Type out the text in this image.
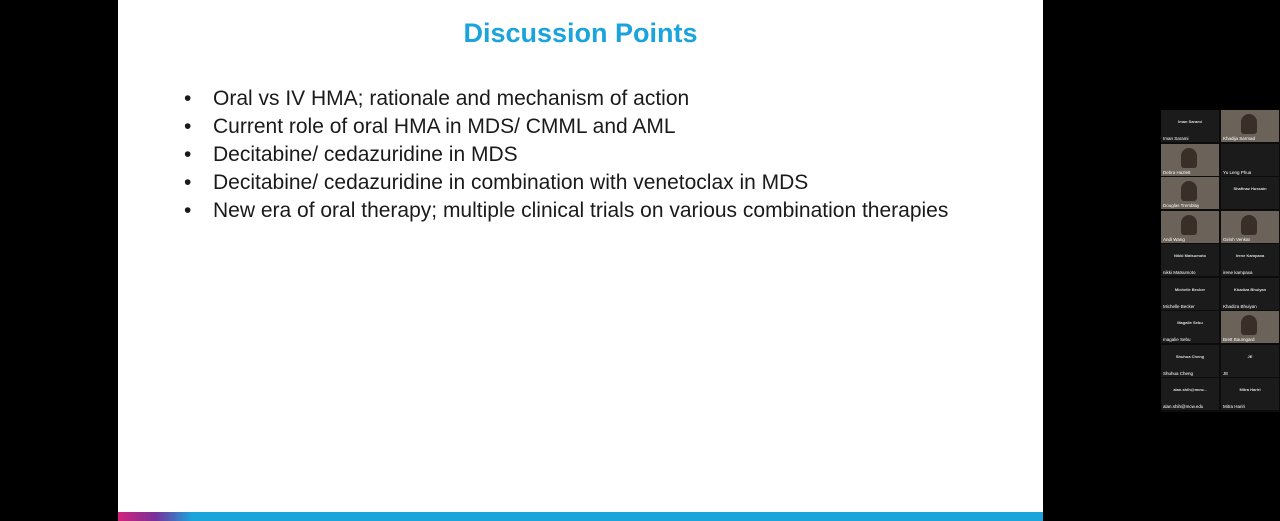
Discussion Points
• Oral vs IV HMA; rationale and mechanism of action
• Current role of oral HMA in MDS/ CMML and AML
• Decitabine/ cedazuridine in MDS
• Decitabine/ cedazuridine in combination with venetoclax in MDS
• New era of oral therapy; multiple clinical trials on various combination therapies
Iman Sarami
Iman Sarami	Khadija Sarmad
Debra Hazlett	Yu Leng Phua
Douglas Tremblay
Shafinaz Hussain
Andi Wang	Girish Venkat
Nikki Matsumoto
nikki Matsumoto
Irene Kampaxa
irene kampaxa
Michelle Becker
Michelle Becker
Khadiza Bhuiyan
Khadiza Bhuiyan
Magalie Sebu
magalie Sebu	Brett Baumgard
Shuhua Cheng
Shuhua Cheng
JE
JE
alan.shih@mcw...
alan.shih@mcw.edu
Mitra Hariri
Mitra Hariri
